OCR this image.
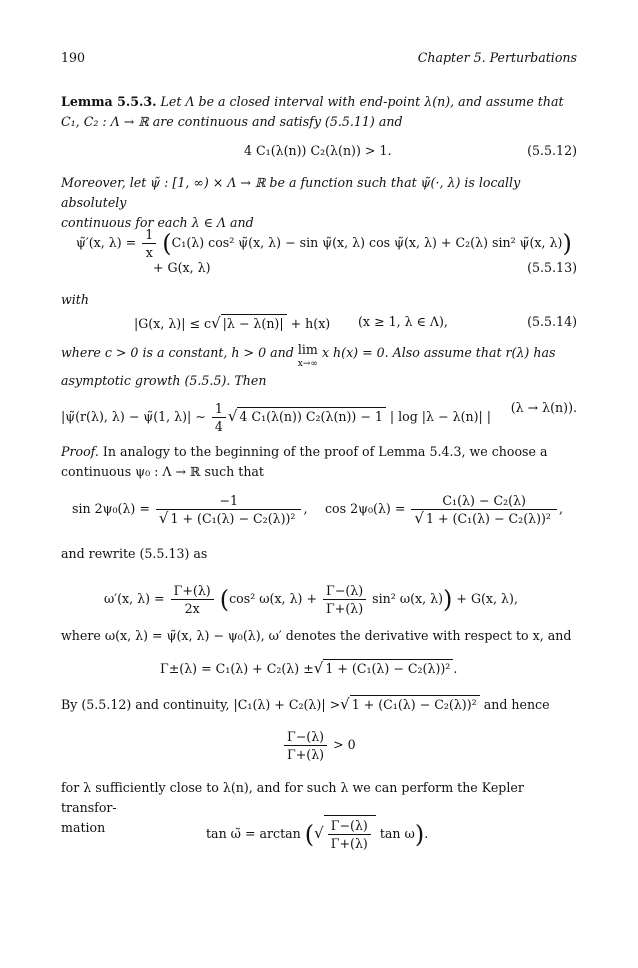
190	Chapter 5. Perturbations
Lemma 5.5.3. Let Λ be a closed interval with end-point λ(n), and assume that
C₁, C₂ : Λ → ℝ are continuous and satisfy (5.5.11) and
4 C₁(λ(n)) C₂(λ(n)) > 1.	(5.5.12)
Moreover, let ψ̃ : [1, ∞) × Λ → ℝ be a function such that ψ̃(·, λ) is locally absolutely
continuous for each λ ∈ Λ and
ψ̃′(x, $\lambda) = \frac{1}{x} (C_1(\lambda)$ cos² ψ̃(x, λ) − sin ψ̃(x, λ) cos ψ̃(x, λ) + C₂(λ) sin² ψ̃(x, λ))
+ G(x, λ)	(5.5.13)
with
|G(x, λ)| ≤ c√ |λ − λ(n)| + h(x) (x ≥ 1, λ ∈ Λ),	(5.5.14)
where c > 0 is a constant, h > 0 and lim
x→∞
x h(x) = 0. Also assume that r(λ) has
asymptotic growth (5.5.5). Then
|ψ̃(r(λ), λ) − ψ̃(1, λ)| ∼ $\frac{1}{4}$ √ 4 C₁(λ(n)) C₂(λ(n)) − 1 | log |λ − λ(n)| |
(λ → λ(n)).
Proof. In analogy to the beginning of the proof of Lemma 5.4.3, we choose a
continuous ψ₀ : Λ → ℝ such that
$\sin 2\psi_0(\lambda) = \frac{-1}{\text{√ 1 + (C₁(λ) − C₂(λ))²}}$ , $\cos 2\psi_0(\lambda) = \frac{\text{C₁(λ) − C₂(λ)}}{\text{√ 1 + (C₁(λ) − C₂(λ))²}}$ ,
and rewrite (5.5.13) as
ω′(x, $\lambda) = \frac{\Gamma+(\lambda)}{2x} (\cos^2$ ω(x, $\lambda) + \frac{\Gamma-(\lambda)}{\Gamma+(\lambda)} \sin^2$ ω(x, λ)) + G(x, λ),
where ω(x, λ) = ψ̃(x, λ) − ψ₀(λ), ω′ denotes the derivative with respect to x, and
Γ±(λ) = C₁(λ) + C₂(λ) ±√ 1 + (C₁(λ) − C₂(λ))² .
By (5.5.12) and continuity, |C₁(λ) + C₂(λ)| >√ 1 + (C₁(λ) − C₂(λ))² and hence
$\frac{\Gamma-(\lambda)}{\Gamma+(\lambda)} > 0$
for λ sufficiently close to λ(n), and for such λ we can perform the Kepler transfor-
mation	tan ω̃ = arctan (√ $\frac{\Gamma-(\lambda)}{\Gamma+(\lambda)}$ tan ω).
